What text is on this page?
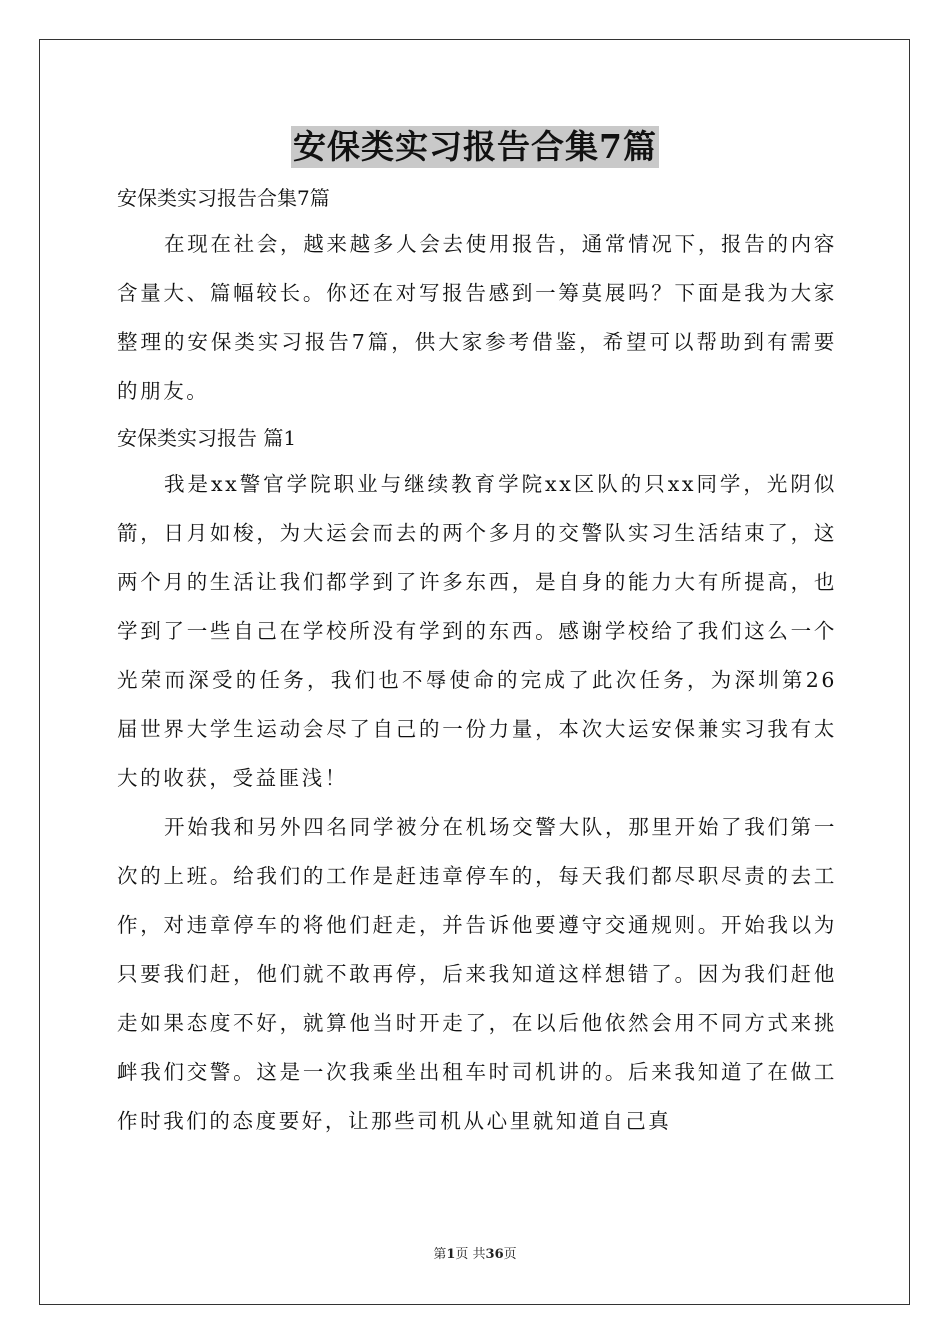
安保类实习报告合集7篇

安保类实习报告合集7篇

在现在社会，越来越多人会去使用报告，通常情况下，报告的内容含量大、篇幅较长。你还在对写报告感到一筹莫展吗？下面是我为大家整理的安保类实习报告7篇，供大家参考借鉴，希望可以帮助到有需要的朋友。

安保类实习报告 篇1

我是xx警官学院职业与继续教育学院xx区队的只xx同学，光阴似箭，日月如梭，为大运会而去的两个多月的交警队实习生活结束了，这两个月的生活让我们都学到了许多东西，是自身的能力大有所提高，也学到了一些自己在学校所没有学到的东西。感谢学校给了我们这么一个光荣而深受的任务，我们也不辱使命的完成了此次任务，为深圳第26届世界大学生运动会尽了自己的一份力量，本次大运安保兼实习我有太大的收获，受益匪浅！

开始我和另外四名同学被分在机场交警大队，那里开始了我们第一次的上班。给我们的工作是赶违章停车的，每天我们都尽职尽责的去工作，对违章停车的将他们赶走，并告诉他要遵守交通规则。开始我以为只要我们赶，他们就不敢再停，后来我知道这样想错了。因为我们赶他走如果态度不好，就算他当时开走了，在以后他依然会用不同方式来挑衅我们交警。这是一次我乘坐出租车时司机讲的。后来我知道了在做工作时我们的态度要好，让那些司机从心里就知道自己真

第1页 共36页
